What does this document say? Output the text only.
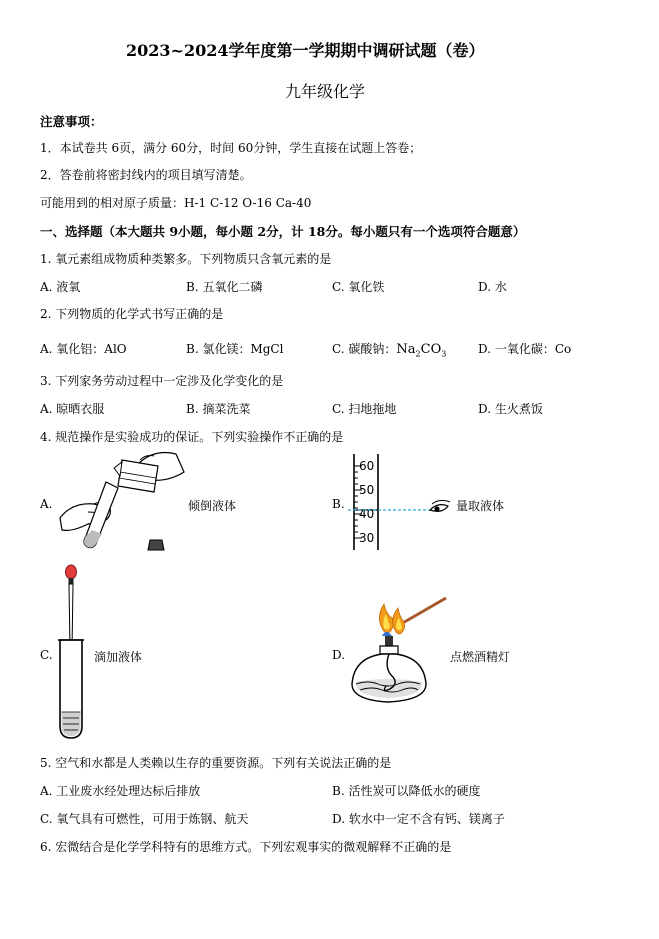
2023~2024学年度第一学期期中调研试题（卷）
九年级化学
注意事项：
1．本试卷共 6页，满分 60分，时间 60分钟，学生直接在试题上答卷；
2．答卷前将密封线内的项目填写清楚。
可能用到的相对原子质量：H-1 C-12 O-16 Ca-40
一、选择题（本大题共 9小题，每小题 2分，计 18分。每小题只有一个选项符合题意）
1. 氧元素组成物质种类繁多。下列物质只含氧元素的是
A. 液氧	B. 五氧化二磷	C. 氧化铁	D. 水
2. 下列物质的化学式书写正确的是
A. 氧化铝：AlO	B. 氯化镁：MgCl	C. 碳酸钠：$Na_2CO_3$	D. 一氧化碳：Co
3. 下列家务劳动过程中一定涉及化学变化的是
A. 晾晒衣服	B. 摘菜洗菜	C. 扫地拖地	D. 生火煮饭
4. 规范操作是实验成功的保证。下列实验操作不正确的是
A.	倾倒液体	B.
60
50
40
30
量取液体
C.	滴加液体	D.	点燃酒精灯
5. 空气和水都是人类赖以生存的重要资源。下列有关说法正确的是
A. 工业废水经处理达标后排放	B. 活性炭可以降低水的硬度
C. 氧气具有可燃性，可用于炼钢、航天	D. 软水中一定不含有钙、镁离子
6. 宏微结合是化学学科特有的思维方式。下列宏观事实的微观解释不正确的是
